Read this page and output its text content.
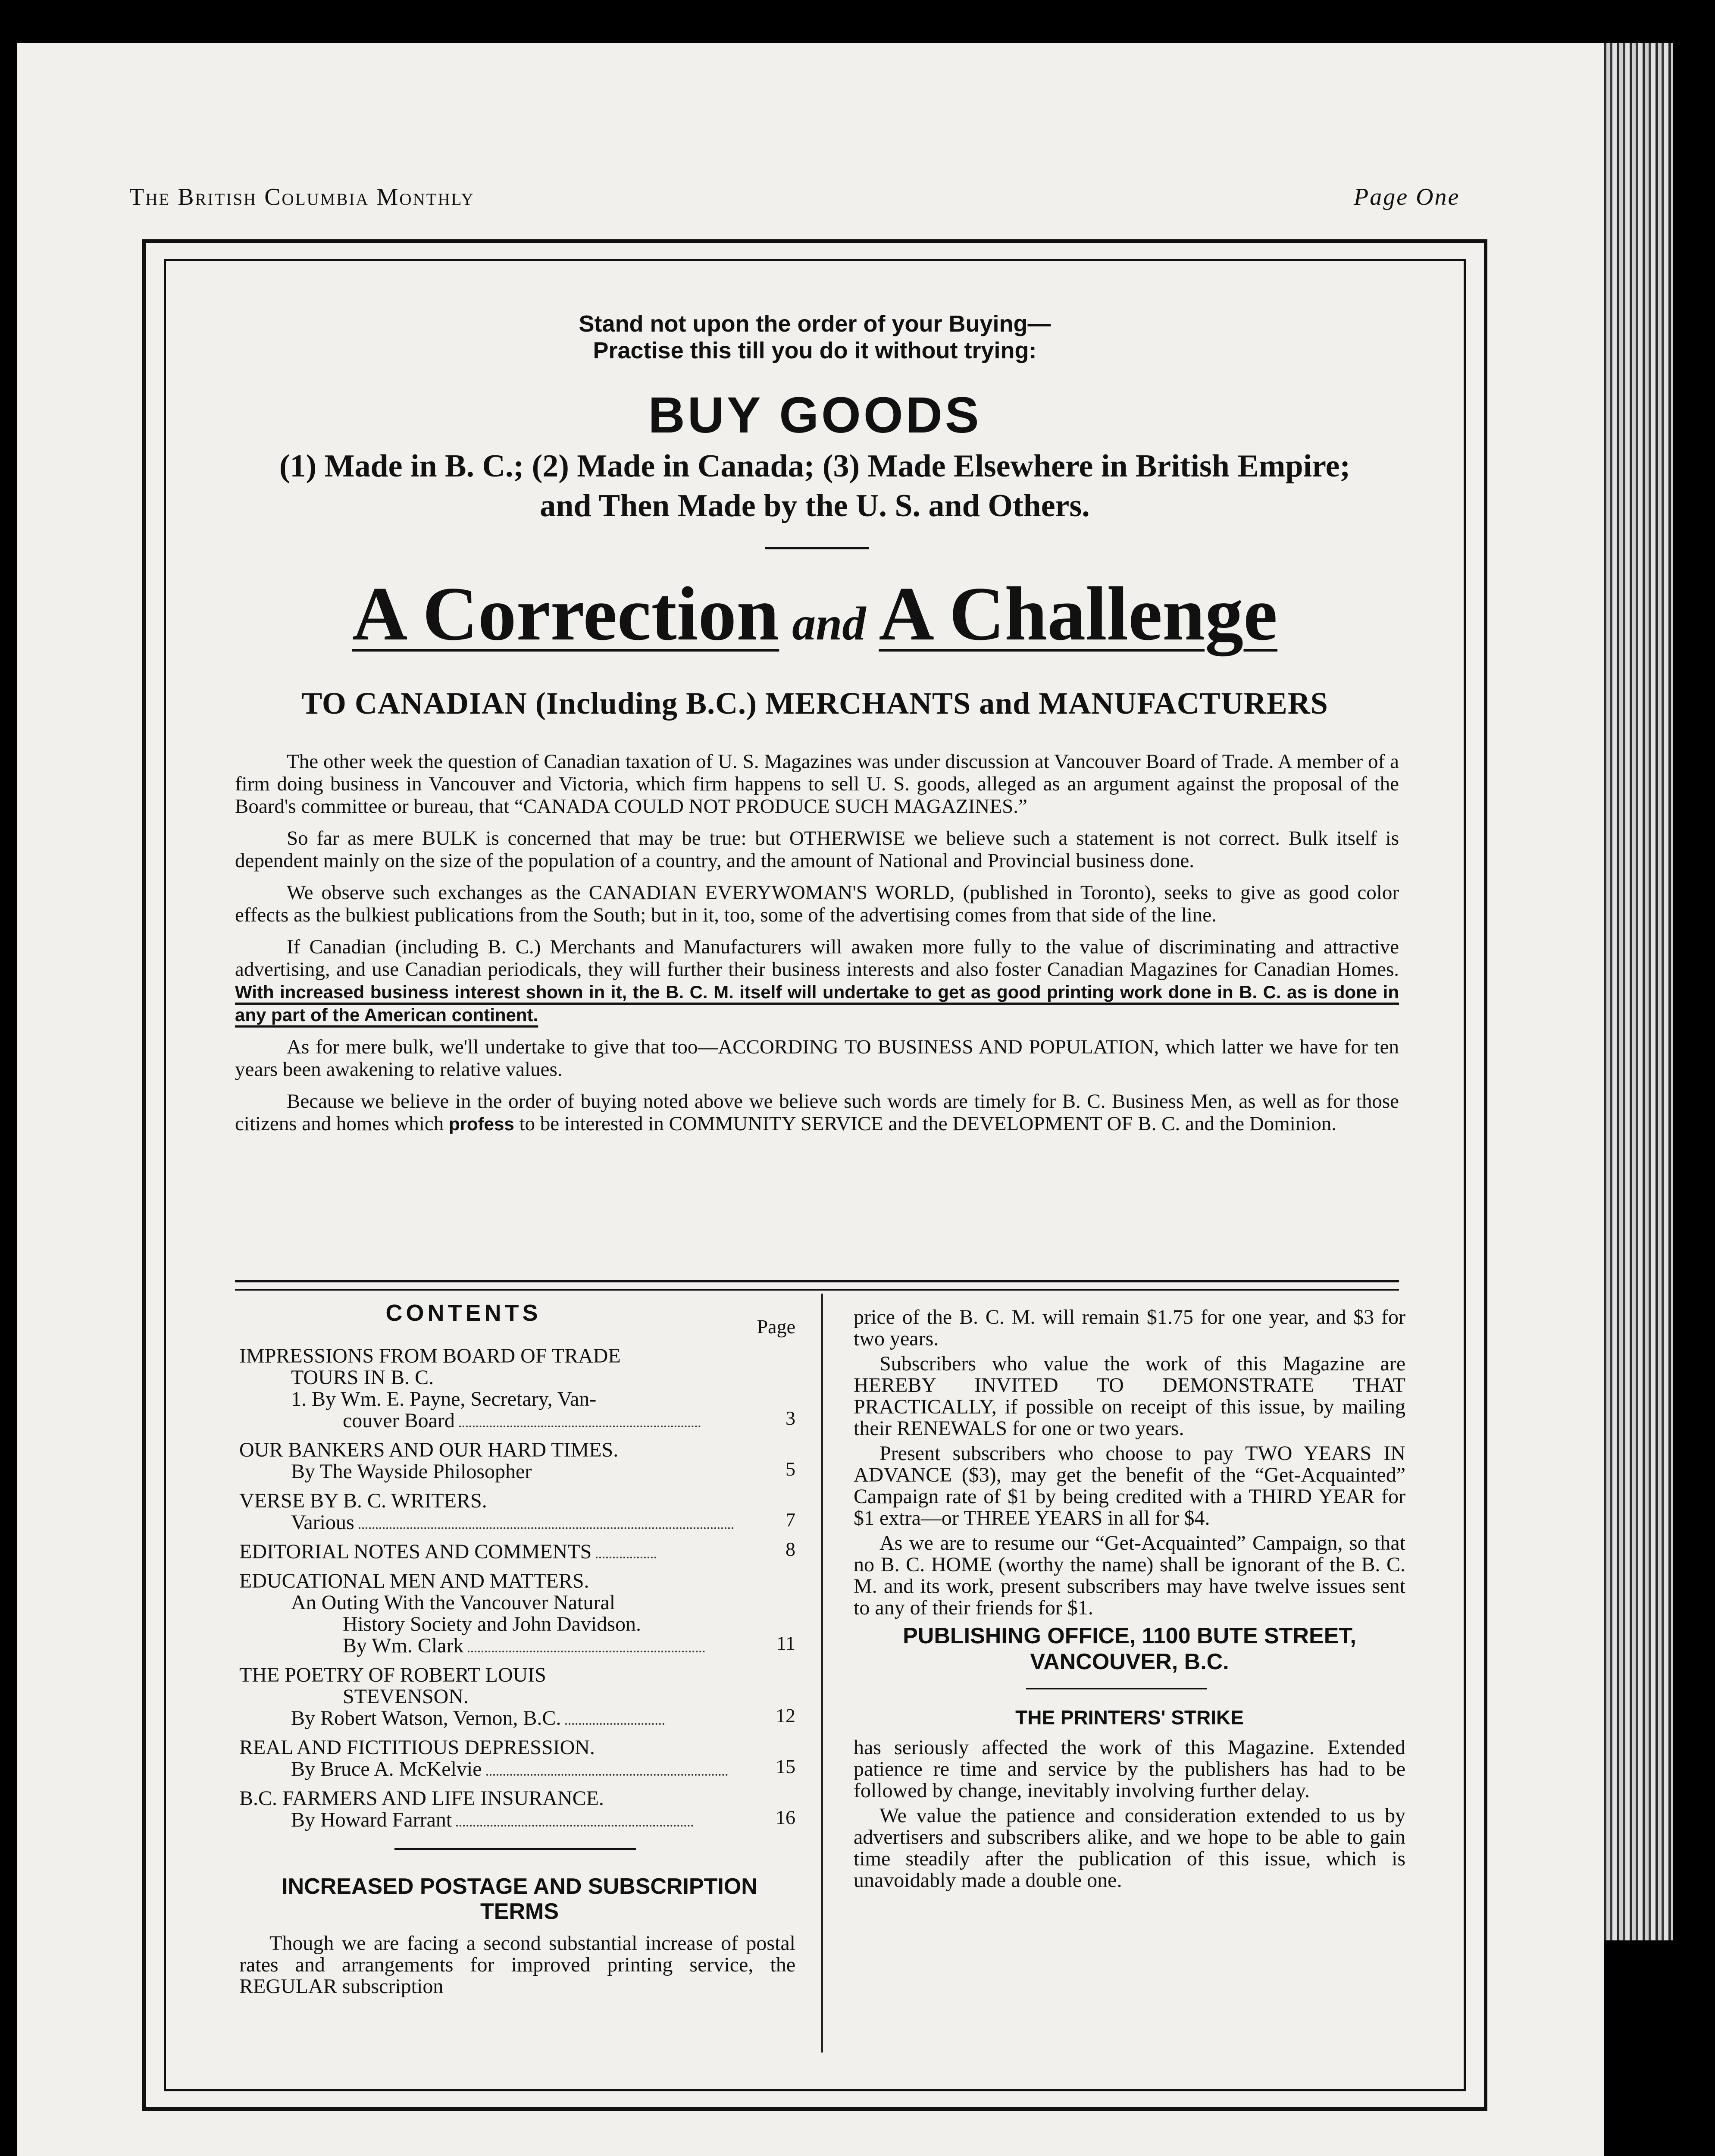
The British Columbia Monthly	Page One
Stand not upon the order of your Buying—
Practise this till you do it without trying:
BUY GOODS
(1) Made in B. C.; (2) Made in Canada; (3) Made Elsewhere in British Empire;
and Then Made by the U. S. and Others.
A Correction and A Challenge
TO CANADIAN (Including B.C.) MERCHANTS and MANUFACTURERS

The other week the question of Canadian taxation of U. S. Magazines was under discussion at Vancouver Board of Trade. A member of a firm doing business in Vancouver and Victoria, which firm happens to sell U. S. goods, alleged as an argument against the proposal of the Board's committee or bureau, that “CANADA COULD NOT PRODUCE SUCH MAGAZINES.”

So far as mere BULK is concerned that may be true: but OTHERWISE we believe such a statement is not correct. Bulk itself is dependent mainly on the size of the population of a country, and the amount of National and Provincial business done.

We observe such exchanges as the CANADIAN EVERYWOMAN'S WORLD, (published in Toronto), seeks to give as good color effects as the bulkiest publications from the South; but in it, too, some of the advertising comes from that side of the line.

If Canadian (including B. C.) Merchants and Manufacturers will awaken more fully to the value of discriminating and attractive advertising, and use Canadian periodicals, they will further their business interests and also foster Canadian Magazines for Canadian Homes. With increased business interest shown in it, the B. C. M. itself will undertake to get as good printing work done in B. C. as is done in any part of the American continent.

As for mere bulk, we'll undertake to give that too—ACCORDING TO BUSINESS AND POPULATION, which latter we have for ten years been awakening to relative values.

Because we believe in the order of buying noted above we believe such words are timely for B. C. Business Men, as well as for those citizens and homes which profess to be interested in COMMUNITY SERVICE and the DEVELOPMENT OF B. C. and the Dominion.

CONTENTS
Page
IMPRESSIONS FROM BOARD OF TRADE
TOURS IN B. C.
1. By Wm. E. Payne, Secretary, Van-
couver Board	3
OUR BANKERS AND OUR HARD TIMES.
By The Wayside Philosopher	5
VERSE BY B. C. WRITERS.
Various	7
EDITORIAL NOTES AND COMMENTS	8
EDUCATIONAL MEN AND MATTERS.
An Outing With the Vancouver Natural
History Society and John Davidson.
By Wm. Clark	11
THE POETRY OF ROBERT LOUIS
STEVENSON.
By Robert Watson, Vernon, B.C.	12
REAL AND FICTITIOUS DEPRESSION.
By Bruce A. McKelvie	15
B.C. FARMERS AND LIFE INSURANCE.
By Howard Farrant	16
INCREASED POSTAGE AND SUBSCRIPTION TERMS
Though we are facing a second substantial increase of postal rates and arrangements for improved printing service, the REGULAR subscription

price of the B. C. M. will remain $1.75 for one year, and $3 for two years.

Subscribers who value the work of this Magazine are HEREBY INVITED TO DEMONSTRATE THAT PRACTICALLY, if possible on receipt of this issue, by mailing their RENEWALS for one or two years.

Present subscribers who choose to pay TWO YEARS IN ADVANCE ($3), may get the benefit of the “Get-Acquainted” Campaign rate of $1 by being credited with a THIRD YEAR for $1 extra—or THREE YEARS in all for $4.

As we are to resume our “Get-Acquainted” Campaign, so that no B. C. HOME (worthy the name) shall be ignorant of the B. C. M. and its work, present subscribers may have twelve issues sent to any of their friends for $1.

PUBLISHING OFFICE, 1100 BUTE STREET,
VANCOUVER, B.C.
THE PRINTERS' STRIKE

has seriously affected the work of this Magazine. Extended patience re time and service by the publishers has had to be followed by change, inevitably involving further delay.

We value the patience and consideration extended to us by advertisers and subscribers alike, and we hope to be able to gain time steadily after the publication of this issue, which is unavoidably made a double one.
